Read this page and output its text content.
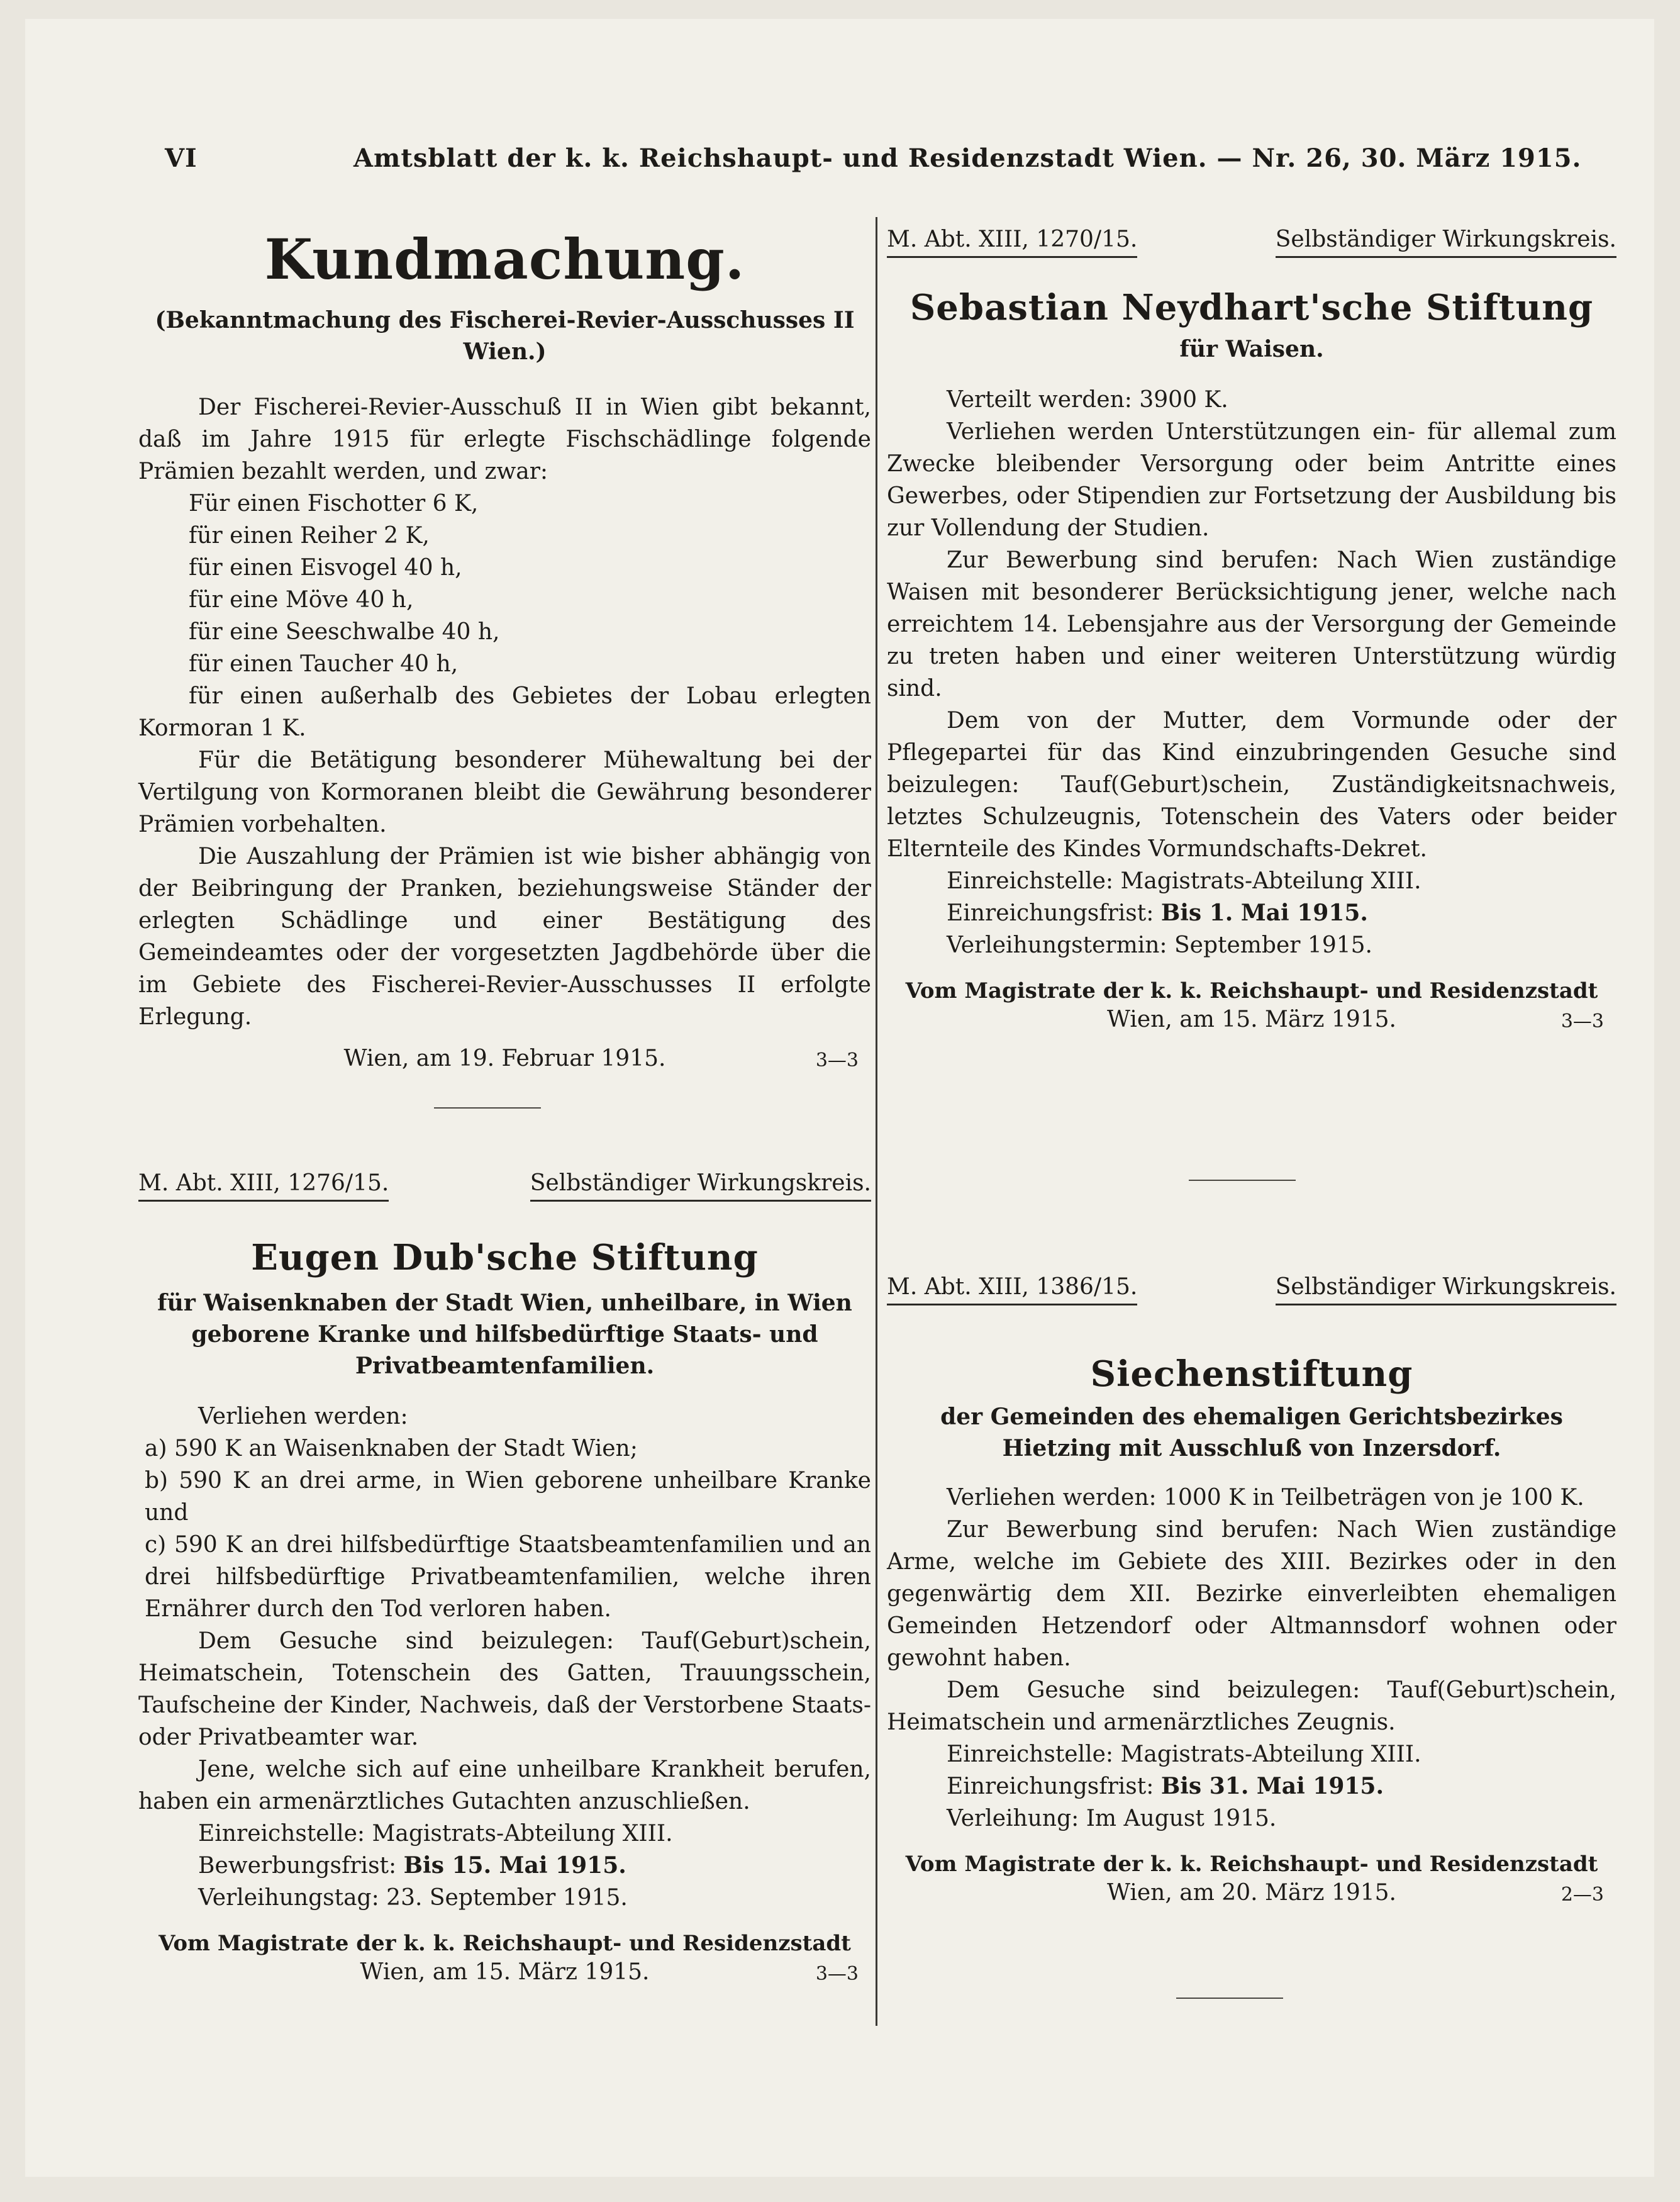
VI	Amtsblatt der k. k. Reichshaupt- und Residenzstadt Wien. — Nr. 26, 30. März 1915.
Kundmachung.

(Bekanntmachung des Fischerei-Revier-Ausschusses II Wien.)

Der Fischerei-Revier-Ausschuß II in Wien gibt bekannt, daß im Jahre 1915 für erlegte Fischschädlinge folgende Prämien bezahlt werden, und zwar:

Für einen Fischotter 6 K,

für einen Reiher 2 K,

für einen Eisvogel 40 h,

für eine Möve 40 h,

für eine Seeschwalbe 40 h,

für einen Taucher 40 h,

für einen außerhalb des Gebietes der Lobau erlegten Kormoran 1 K.

Für die Betätigung besonderer Mühewaltung bei der Vertilgung von Kormoranen bleibt die Gewährung besonderer Prämien vorbehalten.

Die Auszahlung der Prämien ist wie bisher abhängig von der Beibringung der Pranken, beziehungsweise Ständer der erlegten Schädlinge und einer Bestätigung des Gemeindeamtes oder der vorgesetzten Jagdbehörde über die im Gebiete des Fischerei-Revier-Ausschusses II erfolgte Erlegung.

Wien, am 19. Februar 1915.	3—3
M. Abt. XIII, 1276/15.	Selbständiger Wirkungskreis.
Eugen Dub'sche Stiftung

für Waisenknaben der Stadt Wien, unheilbare, in Wien geborene Kranke und hilfsbedürftige Staats- und Privatbeamtenfamilien.

Verliehen werden:

a) 590 K an Waisenknaben der Stadt Wien;

b) 590 K an drei arme, in Wien geborene unheilbare Kranke und

c) 590 K an drei hilfsbedürftige Staatsbeamtenfamilien und an drei hilfsbedürftige Privatbeamtenfamilien, welche ihren Ernährer durch den Tod verloren haben.

Dem Gesuche sind beizulegen: Tauf(Geburt)schein, Heimatschein, Totenschein des Gatten, Trauungsschein, Taufscheine der Kinder, Nachweis, daß der Verstorbene Staats- oder Privatbeamter war.

Jene, welche sich auf eine unheilbare Krankheit berufen, haben ein armenärztliches Gutachten anzuschließen.

Einreichstelle: Magistrats-Abteilung XIII.

Bewerbungsfrist: Bis 15. Mai 1915.

Verleihungstag: 23. September 1915.

Vom Magistrate der k. k. Reichshaupt- und Residenzstadt

Wien, am 15. März 1915.	3—3
M. Abt. XIII, 1270/15.	Selbständiger Wirkungskreis.
Sebastian Neydhart'sche Stiftung

für Waisen.

Verteilt werden: 3900 K.

Verliehen werden Unterstützungen ein- für allemal zum Zwecke bleibender Versorgung oder beim Antritte eines Gewerbes, oder Stipendien zur Fortsetzung der Ausbildung bis zur Vollendung der Studien.

Zur Bewerbung sind berufen: Nach Wien zuständige Waisen mit besonderer Berücksichtigung jener, welche nach erreichtem 14. Lebensjahre aus der Versorgung der Gemeinde zu treten haben und einer weiteren Unterstützung würdig sind.

Dem von der Mutter, dem Vormunde oder der Pflegepartei für das Kind einzubringenden Gesuche sind beizulegen: Tauf(Geburt)schein, Zuständigkeitsnachweis, letztes Schulzeugnis, Totenschein des Vaters oder beider Elternteile des Kindes Vormundschafts-Dekret.

Einreichstelle: Magistrats-Abteilung XIII.

Einreichungsfrist: Bis 1. Mai 1915.

Verleihungstermin: September 1915.

Vom Magistrate der k. k. Reichshaupt- und Residenzstadt

Wien, am 15. März 1915.	3—3
M. Abt. XIII, 1386/15.	Selbständiger Wirkungskreis.
Siechenstiftung

der Gemeinden des ehemaligen Gerichtsbezirkes Hietzing mit Ausschluß von Inzersdorf.

Verliehen werden: 1000 K in Teilbeträgen von je 100 K.

Zur Bewerbung sind berufen: Nach Wien zuständige Arme, welche im Gebiete des XIII. Bezirkes oder in den gegenwärtig dem XII. Bezirke einverleibten ehemaligen Gemeinden Hetzendorf oder Altmannsdorf wohnen oder gewohnt haben.

Dem Gesuche sind beizulegen: Tauf(Geburt)schein, Heimatschein und armenärztliches Zeugnis.

Einreichstelle: Magistrats-Abteilung XIII.

Einreichungsfrist: Bis 31. Mai 1915.

Verleihung: Im August 1915.

Vom Magistrate der k. k. Reichshaupt- und Residenzstadt

Wien, am 20. März 1915.	2—3
